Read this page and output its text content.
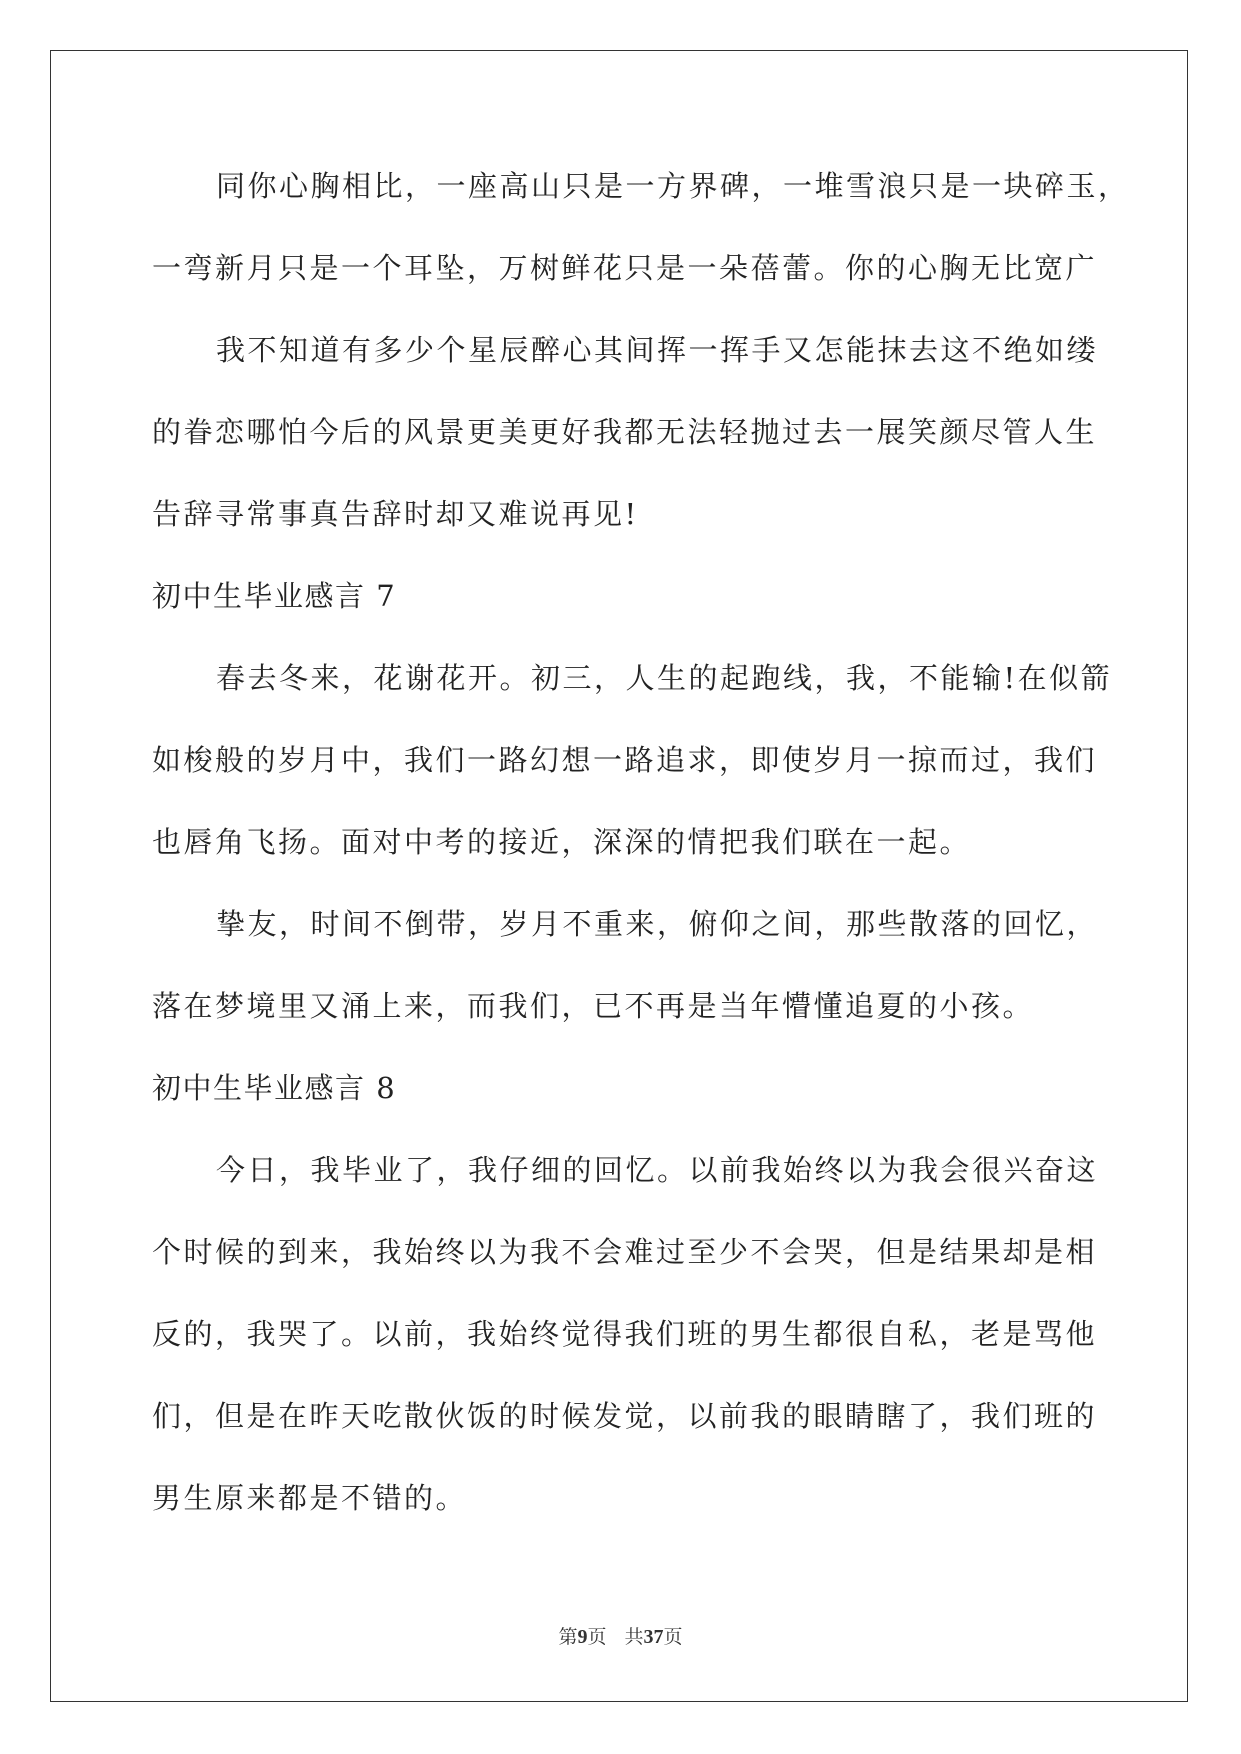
同你心胸相比，一座高山只是一方界碑，一堆雪浪只是一块碎玉，
一弯新月只是一个耳坠，万树鲜花只是一朵蓓蕾。你的心胸无比宽广
我不知道有多少个星辰醉心其间挥一挥手又怎能抹去这不绝如缕
的眷恋哪怕今后的风景更美更好我都无法轻抛过去一展笑颜尽管人生
告辞寻常事真告辞时却又难说再见!
初中生毕业感言 7
春去冬来，花谢花开。初三，人生的起跑线，我，不能输!在似箭
如梭般的岁月中，我们一路幻想一路追求，即使岁月一掠而过，我们
也唇角飞扬。面对中考的接近，深深的情把我们联在一起。
挚友，时间不倒带，岁月不重来，俯仰之间，那些散落的回忆，
落在梦境里又涌上来，而我们，已不再是当年懵懂追夏的小孩。
初中生毕业感言 8
今日，我毕业了，我仔细的回忆。以前我始终以为我会很兴奋这
个时候的到来，我始终以为我不会难过至少不会哭，但是结果却是相
反的，我哭了。以前，我始终觉得我们班的男生都很自私，老是骂他
们，但是在昨天吃散伙饭的时候发觉，以前我的眼睛瞎了，我们班的
男生原来都是不错的。
第9页 共37页
